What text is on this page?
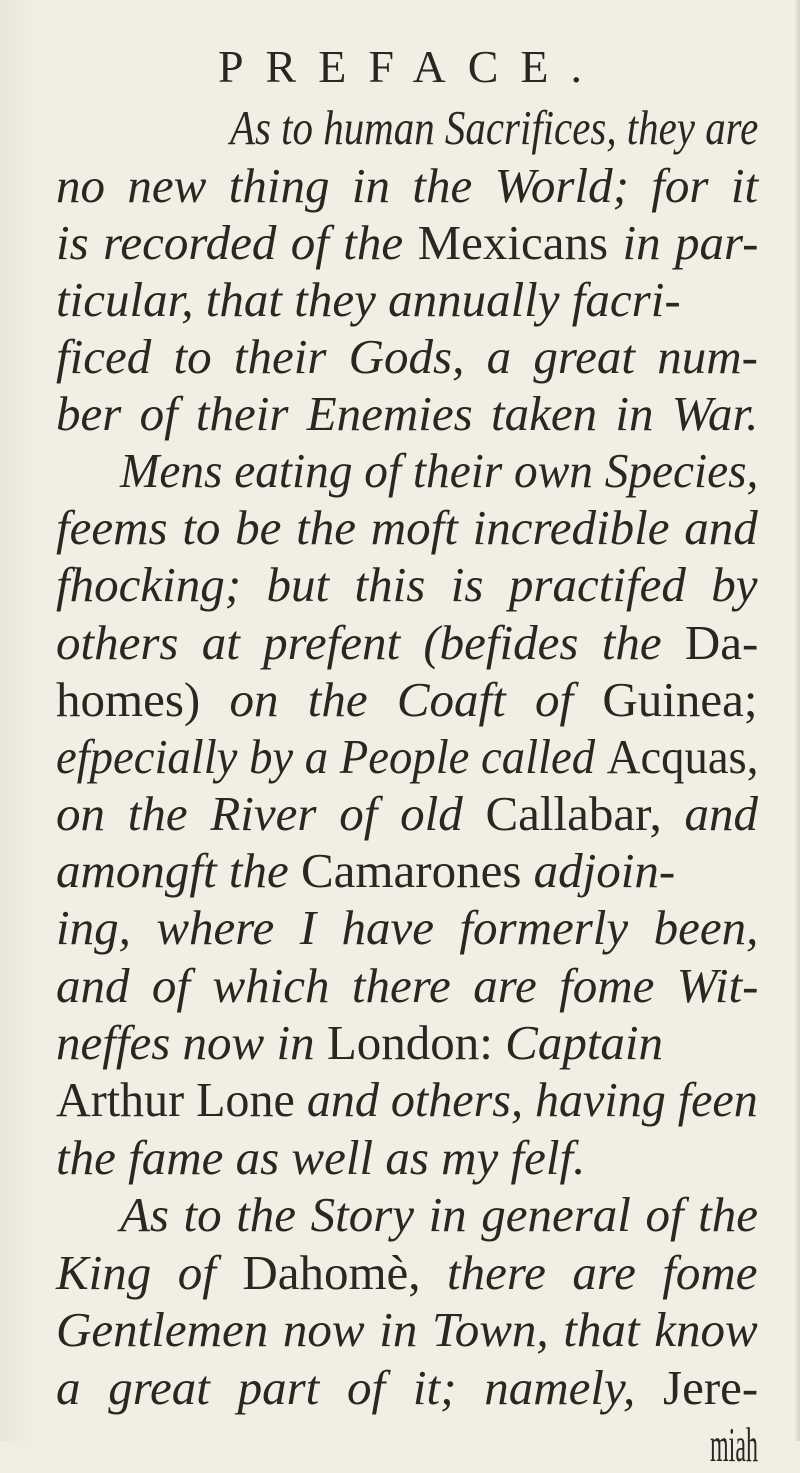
PREFACE.
As to human Sacrifices, they are
no new thing in the World; for it
is recorded of the Mexicans in par-
ticular, that they annually facri-
ficed to their Gods, a great num-
ber of their Enemies taken in War.
Mens eating of their own Species,
feems to be the moft incredible and
fhocking; but this is practifed by
others at prefent (befides the Da-
homes) on the Coaft of Guinea;
efpecially by a People called Acquas,
on the River of old Callabar, and
amongft the Camarones adjoin-
ing, where I have formerly been,
and of which there are fome Wit-
neffes now in London: Captain
Arthur Lone and others, having feen
the fame as well as my felf.
As to the Story in general of the
King of Dahomè, there are fome
Gentlemen now in Town, that know
a great part of it; namely, Jere-
miah
